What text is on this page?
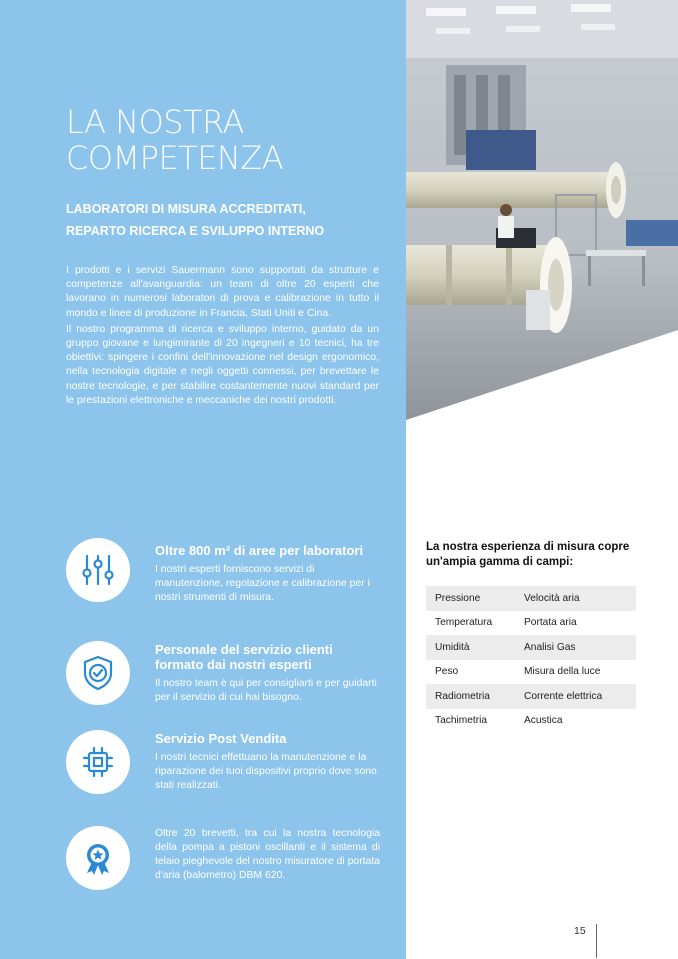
LA NOSTRA
COMPETENZA
LABORATORI DI MISURA ACCREDITATI,
REPARTO RICERCA E SVILUPPO INTERNO

I prodotti e i servizi Sauermann sono supportati da strutture e competenze all'avanguardia: un team di oltre 20 esperti che lavorano in numerosi laboratori di prova e calibrazione in tutto il mondo e linee di produzione in Francia, Stati Uniti e Cina.

Il nostro programma di ricerca e sviluppo interno, guidato da un gruppo giovane e lungimirante di 20 ingegneri e 10 tecnici, ha tre obiettivi: spingere i confini dell'innovazione nel design ergonomico, nella tecnologia digitale e negli oggetti connessi, per brevettare le nostre tecnologie, e per stabilire costantemente nuovi standard per le prestazioni elettroniche e meccaniche dei nostri prodotti.

Oltre 800 m² di aree per laboratori
I nostri esperti forniscono servizi di manutenzione, regolazione e calibrazione per i nostri strumenti di misura.
Personale del servizio clienti
formato dai nostri esperti
Il nostro team è qui per consigliarti e per guidarti per il servizio di cui hai bisogno.
Servizio Post Vendita
I nostri tecnici effettuano la manutenzione e la riparazione dei tuoi dispositivi proprio dove sono stati realizzati.
Oltre 20 brevetti, tra cui la nostra tecnologia della pompa a pistoni oscillanti e il sistema di telaio pieghevole del nostro misuratore di portata d'aria (balometro) DBM 620.
La nostra esperienza di misura copre
un'ampia gamma di campi:
Pressione	Velocità aria
Temperatura	Portata aria
Umidità	Analisi Gas
Peso	Misura della luce
Radiometria	Corrente elettrica
Tachimetria	Acustica
15
